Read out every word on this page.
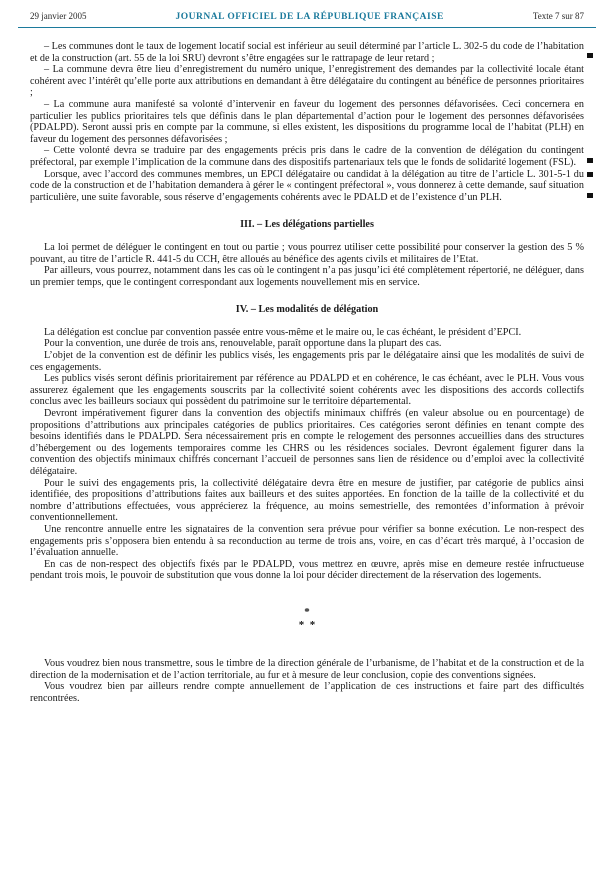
29 janvier 2005	JOURNAL OFFICIEL DE LA RÉPUBLIQUE FRANÇAISE	Texte 7 sur 87

– Les communes dont le taux de logement locatif social est inférieur au seuil déterminé par l’article L. 302-5 du code de l’habitation et de la construction (art. 55 de la loi SRU) devront s’être engagées sur le rattrapage de leur retard ;

– La commune devra être lieu d’enregistrement du numéro unique, l’enregistrement des demandes par la collectivité locale étant cohérent avec l’intérêt qu’elle porte aux attributions en demandant à être délégataire du contingent au bénéfice de personnes prioritaires ;

– La commune aura manifesté sa volonté d’intervenir en faveur du logement des personnes défavorisées. Ceci concernera en particulier les publics prioritaires tels que définis dans le plan départemental d’action pour le logement des personnes défavorisées (PDALPD). Seront aussi pris en compte par la commune, si elles existent, les dispositions du programme local de l’habitat (PLH) en faveur du logement des personnes défavorisées ;

– Cette volonté devra se traduire par des engagements précis pris dans le cadre de la convention de délégation du contingent préfectoral, par exemple l’implication de la commune dans des dispositifs partenariaux tels que le fonds de solidarité logement (FSL).

Lorsque, avec l’accord des communes membres, un EPCI délégataire ou candidat à la délégation au titre de l’article L. 301-5-1 du code de la construction et de l’habitation demandera à gérer le « contingent préfectoral », vous donnerez à cette demande, sauf situation particulière, une suite favorable, sous réserve d’engagements cohérents avec le PDALD et de l’existence d’un PLH.

III. – Les délégations partielles

La loi permet de déléguer le contingent en tout ou partie ; vous pourrez utiliser cette possibilité pour conserver la gestion des 5 % pouvant, au titre de l’article R. 441-5 du CCH, être alloués au bénéfice des agents civils et militaires de l’Etat.

Par ailleurs, vous pourrez, notamment dans les cas où le contingent n’a pas jusqu’ici été complètement répertorié, ne déléguer, dans un premier temps, que le contingent correspondant aux logements nouvellement mis en service.

IV. – Les modalités de délégation

La délégation est conclue par convention passée entre vous-même et le maire ou, le cas échéant, le président d’EPCI.

Pour la convention, une durée de trois ans, renouvelable, paraît opportune dans la plupart des cas.

L’objet de la convention est de définir les publics visés, les engagements pris par le délégataire ainsi que les modalités de suivi de ces engagements.

Les publics visés seront définis prioritairement par référence au PDALPD et en cohérence, le cas échéant, avec le PLH. Vous vous assurerez également que les engagements souscrits par la collectivité soient cohérents avec les dispositions des accords collectifs conclus avec les bailleurs sociaux qui possèdent du patrimoine sur le territoire départemental.

Devront impérativement figurer dans la convention des objectifs minimaux chiffrés (en valeur absolue ou en pourcentage) de propositions d’attributions aux principales catégories de publics prioritaires. Ces catégories seront définies en tenant compte des besoins identifiés dans le PDALPD. Sera nécessairement pris en compte le relogement des personnes accueillies dans des structures d’hébergement ou des logements temporaires comme les CHRS ou les résidences sociales. Devront également figurer dans la convention des objectifs minimaux chiffrés concernant l’accueil de personnes sans lien de résidence ou d’emploi avec la collectivité délégataire.

Pour le suivi des engagements pris, la collectivité délégataire devra être en mesure de justifier, par catégorie de publics ainsi identifiée, des propositions d’attributions faites aux bailleurs et des suites apportées. En fonction de la taille de la collectivité et du nombre d’attributions effectuées, vous apprécierez la fréquence, au moins semestrielle, des remontées d’information à prévoir conventionnellement.

Une rencontre annuelle entre les signataires de la convention sera prévue pour vérifier sa bonne exécution. Le non-respect des engagements pris s’opposera bien entendu à sa reconduction au terme de trois ans, voire, en cas d’écart très marqué, à l’occasion de l’évaluation annuelle.

En cas de non-respect des objectifs fixés par le PDALPD, vous mettrez en œuvre, après mise en demeure restée infructueuse pendant trois mois, le pouvoir de substitution que vous donne la loi pour décider directement de la réservation des logements.

*
*  *

Vous voudrez bien nous transmettre, sous le timbre de la direction générale de l’urbanisme, de l’habitat et de la construction et de la direction de la modernisation et de l’action territoriale, au fur et à mesure de leur conclusion, copie des conventions signées.

Vous voudrez bien par ailleurs rendre compte annuellement de l’application de ces instructions et faire part des difficultés rencontrées.
